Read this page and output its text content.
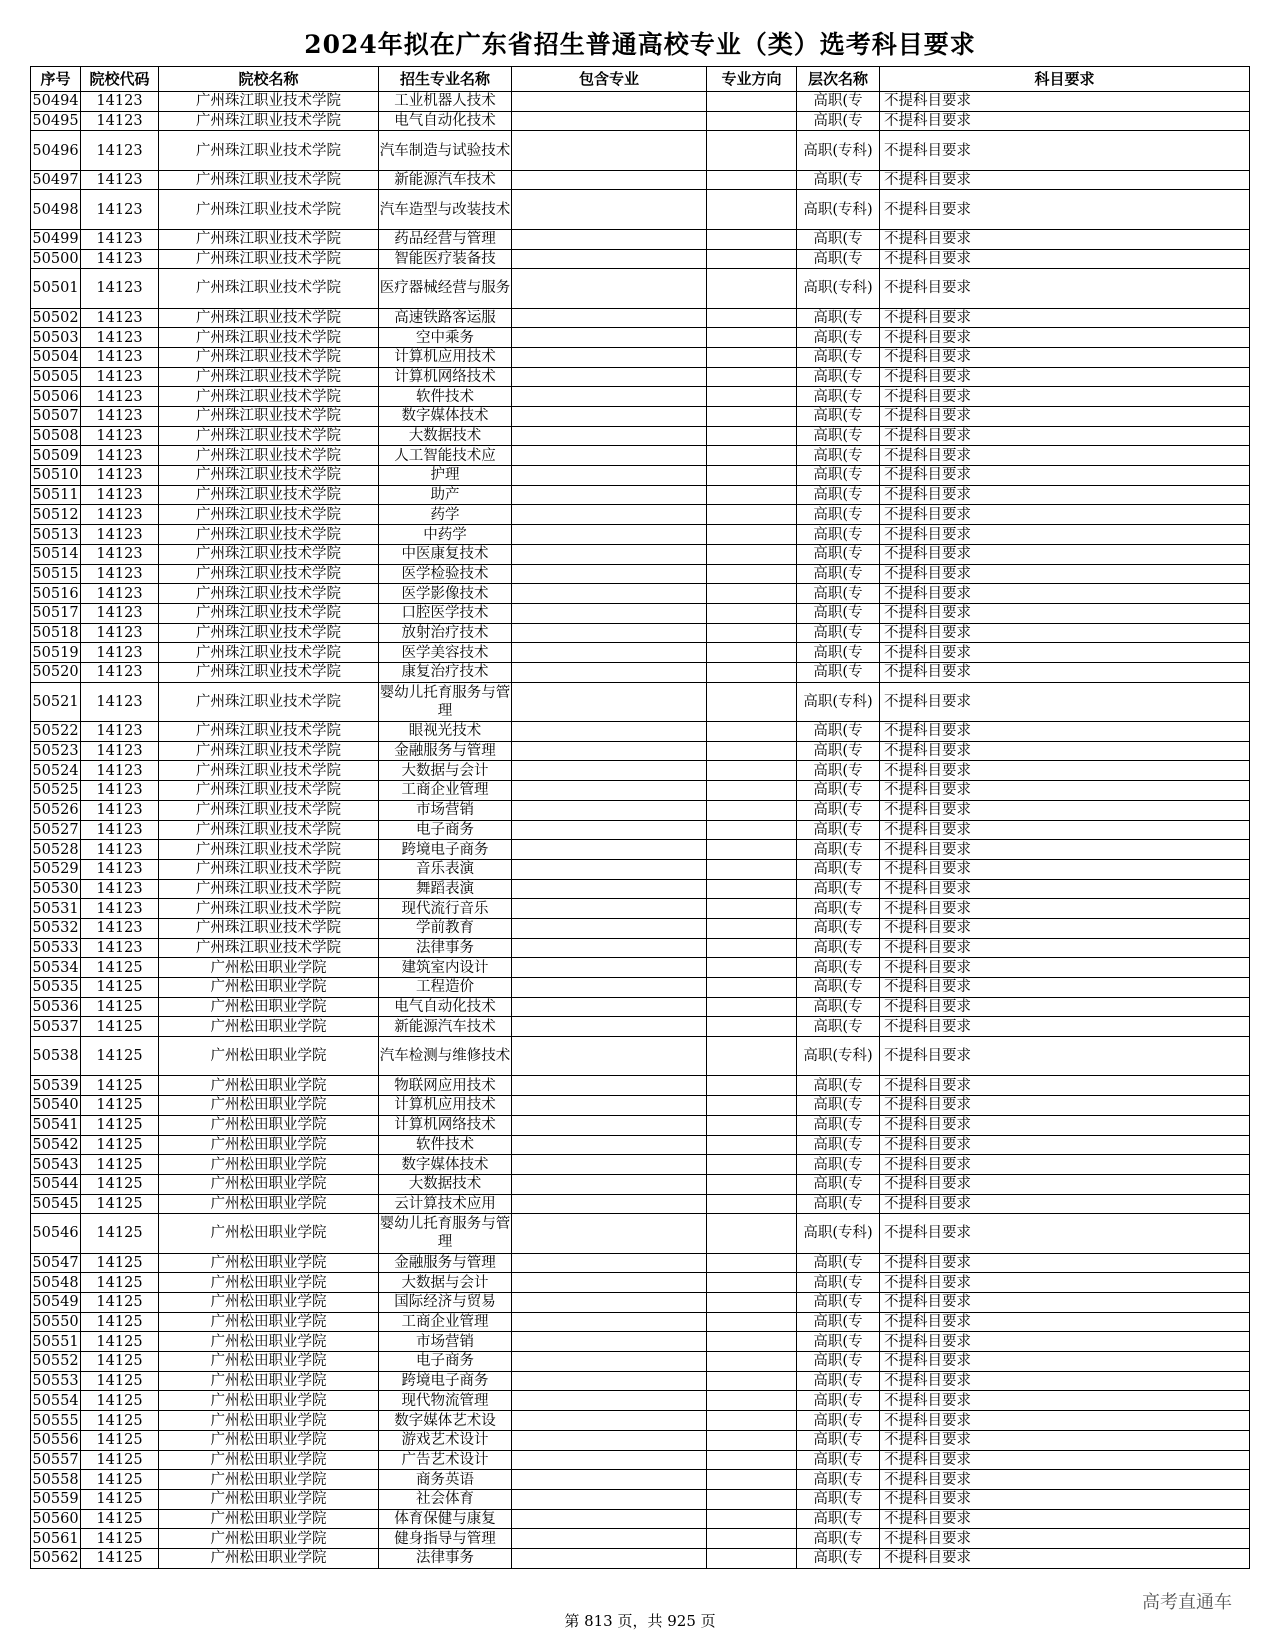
2024年拟在广东省招生普通高校专业（类）选考科目要求
序号	院校代码	院校名称	招生专业名称	包含专业	专业方向	层次名称	科目要求
50494	14123	广州珠江职业技术学院	工业机器人技术			高职(专	不提科目要求
50495	14123	广州珠江职业技术学院	电气自动化技术			高职(专	不提科目要求
50496	14123	广州珠江职业技术学院	汽车制造与试验技术			高职(专科)	不提科目要求
50497	14123	广州珠江职业技术学院	新能源汽车技术			高职(专	不提科目要求
50498	14123	广州珠江职业技术学院	汽车造型与改装技术			高职(专科)	不提科目要求
50499	14123	广州珠江职业技术学院	药品经营与管理			高职(专	不提科目要求
50500	14123	广州珠江职业技术学院	智能医疗装备技			高职(专	不提科目要求
50501	14123	广州珠江职业技术学院	医疗器械经营与服务			高职(专科)	不提科目要求
50502	14123	广州珠江职业技术学院	高速铁路客运服			高职(专	不提科目要求
50503	14123	广州珠江职业技术学院	空中乘务			高职(专	不提科目要求
50504	14123	广州珠江职业技术学院	计算机应用技术			高职(专	不提科目要求
50505	14123	广州珠江职业技术学院	计算机网络技术			高职(专	不提科目要求
50506	14123	广州珠江职业技术学院	软件技术			高职(专	不提科目要求
50507	14123	广州珠江职业技术学院	数字媒体技术			高职(专	不提科目要求
50508	14123	广州珠江职业技术学院	大数据技术			高职(专	不提科目要求
50509	14123	广州珠江职业技术学院	人工智能技术应			高职(专	不提科目要求
50510	14123	广州珠江职业技术学院	护理			高职(专	不提科目要求
50511	14123	广州珠江职业技术学院	助产			高职(专	不提科目要求
50512	14123	广州珠江职业技术学院	药学			高职(专	不提科目要求
50513	14123	广州珠江职业技术学院	中药学			高职(专	不提科目要求
50514	14123	广州珠江职业技术学院	中医康复技术			高职(专	不提科目要求
50515	14123	广州珠江职业技术学院	医学检验技术			高职(专	不提科目要求
50516	14123	广州珠江职业技术学院	医学影像技术			高职(专	不提科目要求
50517	14123	广州珠江职业技术学院	口腔医学技术			高职(专	不提科目要求
50518	14123	广州珠江职业技术学院	放射治疗技术			高职(专	不提科目要求
50519	14123	广州珠江职业技术学院	医学美容技术			高职(专	不提科目要求
50520	14123	广州珠江职业技术学院	康复治疗技术			高职(专	不提科目要求
50521	14123	广州珠江职业技术学院	婴幼儿托育服务与管理			高职(专科)	不提科目要求
50522	14123	广州珠江职业技术学院	眼视光技术			高职(专	不提科目要求
50523	14123	广州珠江职业技术学院	金融服务与管理			高职(专	不提科目要求
50524	14123	广州珠江职业技术学院	大数据与会计			高职(专	不提科目要求
50525	14123	广州珠江职业技术学院	工商企业管理			高职(专	不提科目要求
50526	14123	广州珠江职业技术学院	市场营销			高职(专	不提科目要求
50527	14123	广州珠江职业技术学院	电子商务			高职(专	不提科目要求
50528	14123	广州珠江职业技术学院	跨境电子商务			高职(专	不提科目要求
50529	14123	广州珠江职业技术学院	音乐表演			高职(专	不提科目要求
50530	14123	广州珠江职业技术学院	舞蹈表演			高职(专	不提科目要求
50531	14123	广州珠江职业技术学院	现代流行音乐			高职(专	不提科目要求
50532	14123	广州珠江职业技术学院	学前教育			高职(专	不提科目要求
50533	14123	广州珠江职业技术学院	法律事务			高职(专	不提科目要求
50534	14125	广州松田职业学院	建筑室内设计			高职(专	不提科目要求
50535	14125	广州松田职业学院	工程造价			高职(专	不提科目要求
50536	14125	广州松田职业学院	电气自动化技术			高职(专	不提科目要求
50537	14125	广州松田职业学院	新能源汽车技术			高职(专	不提科目要求
50538	14125	广州松田职业学院	汽车检测与维修技术			高职(专科)	不提科目要求
50539	14125	广州松田职业学院	物联网应用技术			高职(专	不提科目要求
50540	14125	广州松田职业学院	计算机应用技术			高职(专	不提科目要求
50541	14125	广州松田职业学院	计算机网络技术			高职(专	不提科目要求
50542	14125	广州松田职业学院	软件技术			高职(专	不提科目要求
50543	14125	广州松田职业学院	数字媒体技术			高职(专	不提科目要求
50544	14125	广州松田职业学院	大数据技术			高职(专	不提科目要求
50545	14125	广州松田职业学院	云计算技术应用			高职(专	不提科目要求
50546	14125	广州松田职业学院	婴幼儿托育服务与管理			高职(专科)	不提科目要求
50547	14125	广州松田职业学院	金融服务与管理			高职(专	不提科目要求
50548	14125	广州松田职业学院	大数据与会计			高职(专	不提科目要求
50549	14125	广州松田职业学院	国际经济与贸易			高职(专	不提科目要求
50550	14125	广州松田职业学院	工商企业管理			高职(专	不提科目要求
50551	14125	广州松田职业学院	市场营销			高职(专	不提科目要求
50552	14125	广州松田职业学院	电子商务			高职(专	不提科目要求
50553	14125	广州松田职业学院	跨境电子商务			高职(专	不提科目要求
50554	14125	广州松田职业学院	现代物流管理			高职(专	不提科目要求
50555	14125	广州松田职业学院	数字媒体艺术设			高职(专	不提科目要求
50556	14125	广州松田职业学院	游戏艺术设计			高职(专	不提科目要求
50557	14125	广州松田职业学院	广告艺术设计			高职(专	不提科目要求
50558	14125	广州松田职业学院	商务英语			高职(专	不提科目要求
50559	14125	广州松田职业学院	社会体育			高职(专	不提科目要求
50560	14125	广州松田职业学院	体育保健与康复			高职(专	不提科目要求
50561	14125	广州松田职业学院	健身指导与管理			高职(专	不提科目要求
50562	14125	广州松田职业学院	法律事务			高职(专	不提科目要求
第 813 页，共 925 页
高考直通车
